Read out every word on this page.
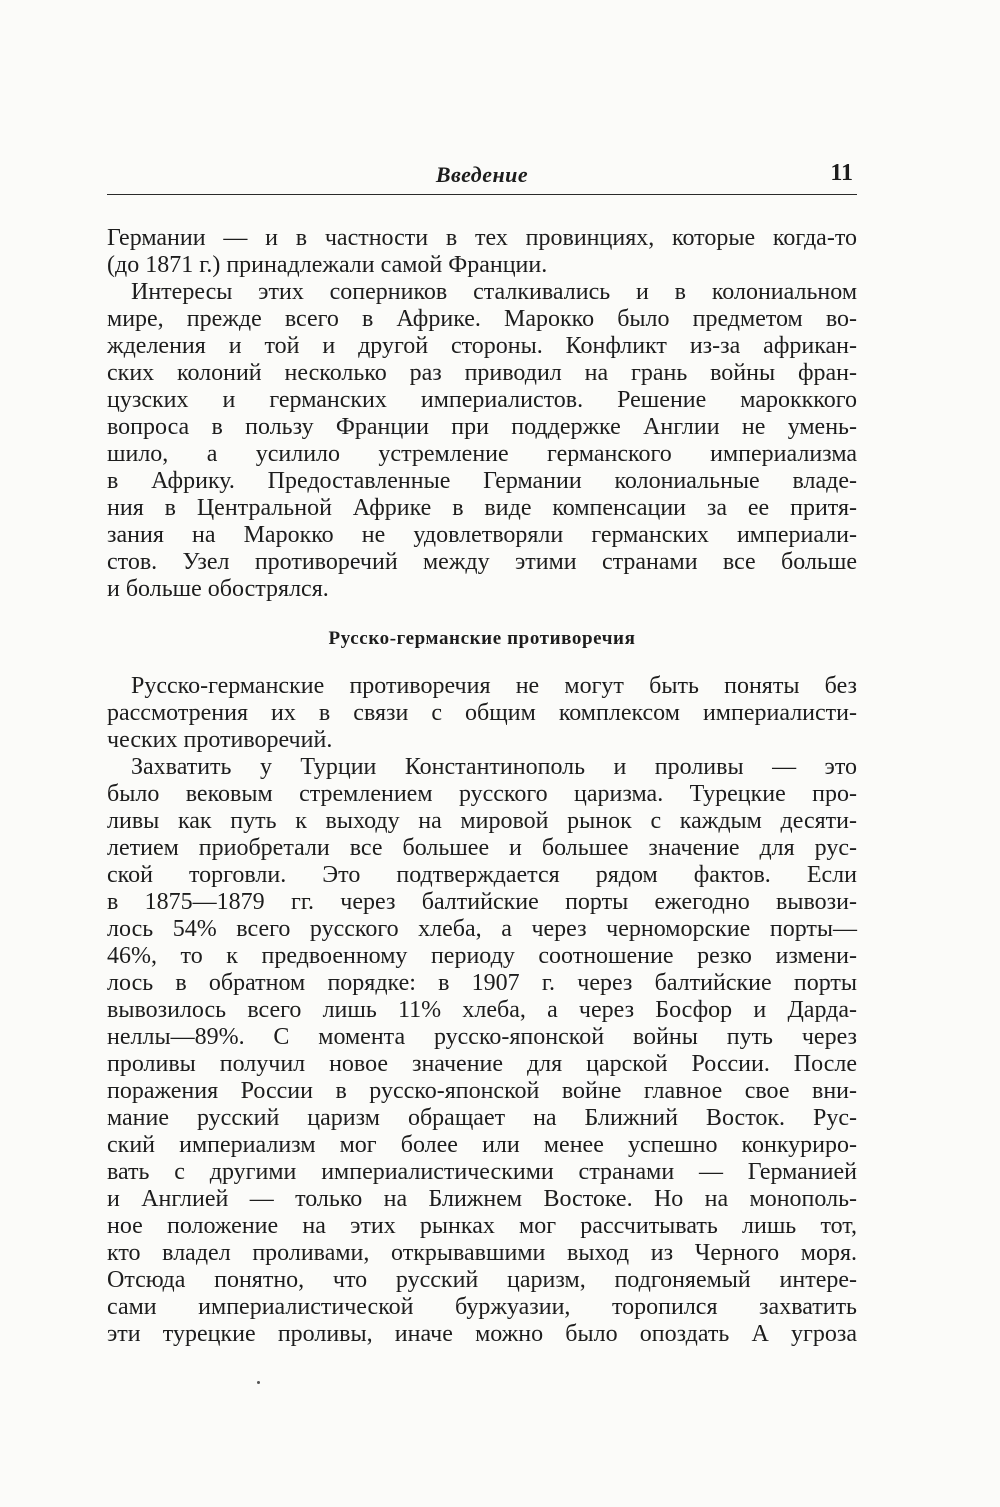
Введение	11
Германии — и в частности в тех провинциях, которые когда-то
(до 1871 г.) принадлежали самой Франции.
Интересы этих соперников сталкивались и в колониальном
мире, прежде всего в Африке. Марокко было предметом во-
жделения и той и другой стороны. Конфликт из-за африкан-
ских колоний несколько раз приводил на грань войны фран-
цузских и германских империалистов. Решение марокккого
вопроса в пользу Франции при поддержке Англии не умень-
шило, а усилило устремление германского империализма
в Африку. Предоставленные Германии колониальные владе-
ния в Центральной Африке в виде компенсации за ее притя-
зания на Марокко не удовлетворяли германских империали-
стов. Узел противоречий между этими странами все больше
и больше обострялся.
Русско-германские противоречия
Русско-германские противоречия не могут быть поняты без
рассмотрения их в связи с общим комплексом империалисти-
ческих противоречий.
Захватить у Турции Константинополь и проливы — это
было вековым стремлением русского царизма. Турецкие про-
ливы как путь к выходу на мировой рынок с каждым десяти-
летием приобретали все большее и большее значение для рус-
ской торговли. Это подтверждается рядом фактов. Если
в 1875—1879 гг. через балтийские порты ежегодно вывози-
лось 54% всего русского хлеба, а через черноморские порты—
46%, то к предвоенному периоду соотношение резко измени-
лось в обратном порядке: в 1907 г. через балтийские порты
вывозилось всего лишь 11% хлеба, а через Босфор и Дарда-
неллы—89%. С момента русско-японской войны путь через
проливы получил новое значение для царской России. После
поражения России в русско-японской войне главное свое вни-
мание русский царизм обращает на Ближний Восток. Рус-
ский империализм мог более или менее успешно конкуриро-
вать с другими империалистическими странами — Германией
и Англией — только на Ближнем Востоке. Но на монополь-
ное положение на этих рынках мог рассчитывать лишь тот,
кто владел проливами, открывавшими выход из Черного моря.
Отсюда понятно, что русский царизм, подгоняемый интере-
сами империалистической буржуазии, торопился захватить
эти турецкие проливы, иначе можно было опоздать А угроза
